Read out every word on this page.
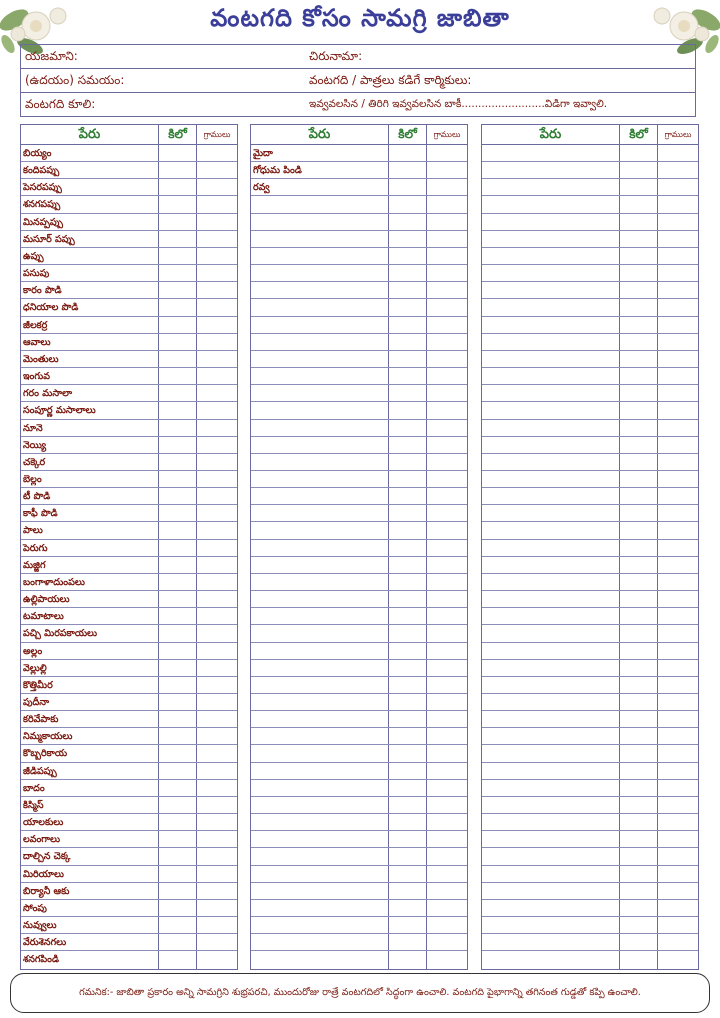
వంటగది కోసం సామగ్రి జాబితా
యజమాని:	చిరునామా:
(ఉదయం) సమయం:	వంటగది / పాత్రలు కడిగే కార్మికులు:
వంటగది కూలి:	ఇవ్వవలసిన / తిరిగి ఇవ్వవలసిన బాకీ.........................విడిగా ఇవ్వాలి.
పేరు	కిలో	గ్రాములు
బియ్యం
కందిపప్పు
పెసరపప్పు
శనగపప్పు
మినప్పప్పు
మసూర్ పప్పు
ఉప్పు
పసుపు
కారం పొడి
ధనియాల పొడి
జీలకర్ర
ఆవాలు
మెంతులు
ఇంగువ
గరం మసాలా
సంపూర్ణ మసాలాలు
నూనె
నెయ్యి
చక్కెర
బెల్లం
టీ పొడి
కాఫీ పొడి
పాలు
పెరుగు
మజ్జిగ
బంగాళాదుంపలు
ఉల్లిపాయలు
టమాటాలు
పచ్చి మిరపకాయలు
అల్లం
వెల్లుల్లి
కొత్తిమీర
పుదీనా
కరివేపాకు
నిమ్మకాయలు
కొబ్బరికాయ
జీడిపప్పు
బాదం
కిస్మిస్
యాలకులు
లవంగాలు
దాల్చిన చెక్క
మిరియాలు
బిర్యానీ ఆకు
సోంపు
నువ్వులు
వేరుశెనగలు
శనగపిండి
పేరు	కిలో	గ్రాములు
మైదా
గోధుమ పిండి
రవ్వ
పేరు	కిలో	గ్రాములు
గమనిక:- జాబితా ప్రకారం అన్ని సామగ్రిని శుభ్రపరచి, ముందురోజు రాత్రే వంటగదిలో సిద్ధంగా ఉంచాలి. వంటగది పైభాగాన్ని తగినంత గుడ్డతో కప్పి ఉంచాలి.
